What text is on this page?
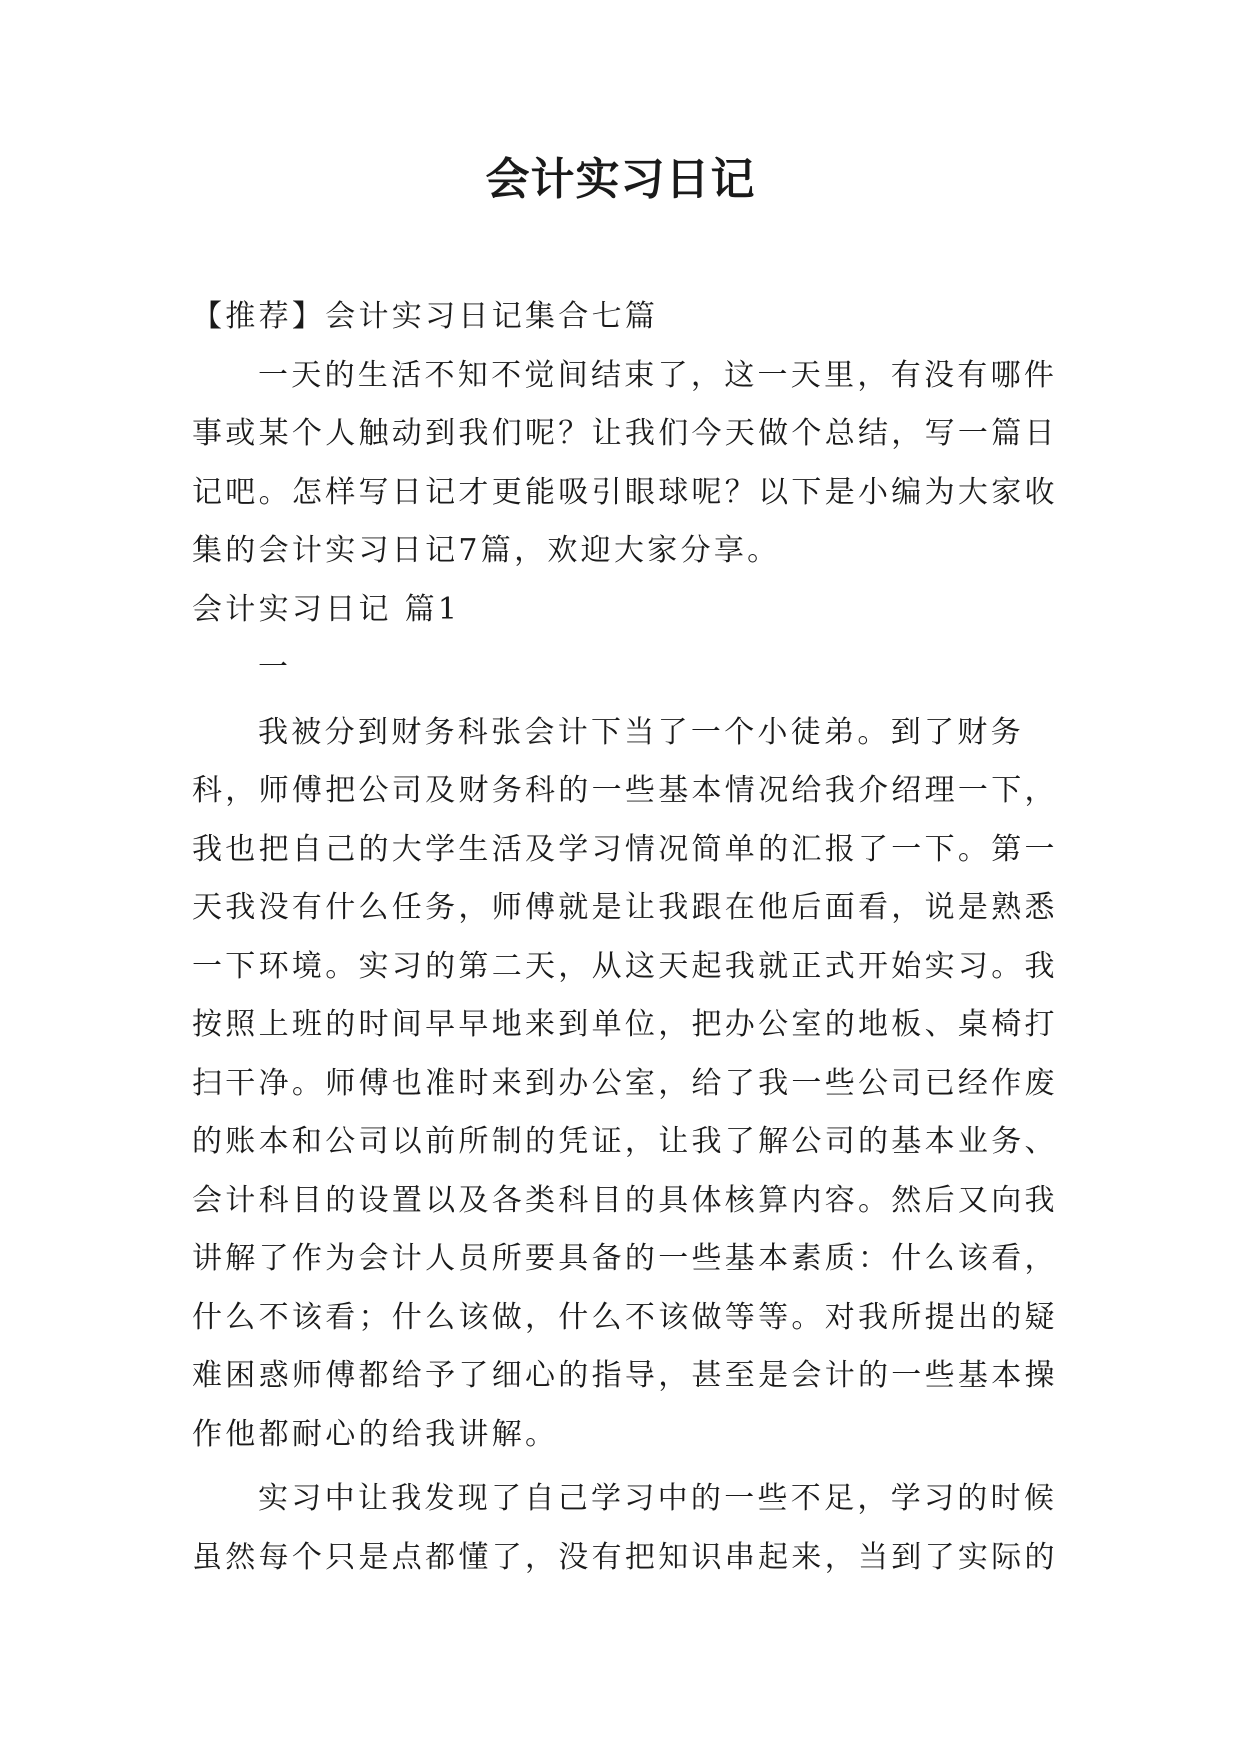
会计实习日记

【推荐】会计实习日记集合七篇

一天的生活不知不觉间结束了，这一天里，有没有哪件事或某个人触动到我们呢？让我们今天做个总结，写一篇日记吧。怎样写日记才更能吸引眼球呢？以下是小编为大家收集的会计实习日记7篇，欢迎大家分享。

会计实习日记 篇1

一

我被分到财务科张会计下当了一个小徒弟。到了财务科，师傅把公司及财务科的一些基本情况给我介绍理一下，我也把自己的大学生活及学习情况简单的汇报了一下。第一天我没有什么任务，师傅就是让我跟在他后面看，说是熟悉一下环境。实习的第二天，从这天起我就正式开始实习。我按照上班的时间早早地来到单位，把办公室的地板、桌椅打扫干净。师傅也准时来到办公室，给了我一些公司已经作废的账本和公司以前所制的凭证，让我了解公司的基本业务、会计科目的设置以及各类科目的具体核算内容。然后又向我讲解了作为会计人员所要具备的一些基本素质：什么该看，什么不该看；什么该做，什么不该做等等。对我所提出的疑难困惑师傅都给予了细心的指导，甚至是会计的一些基本操作他都耐心的给我讲解。

实习中让我发现了自己学习中的一些不足，学习的时候虽然每个只是点都懂了，没有把知识串起来，当到了实际的
